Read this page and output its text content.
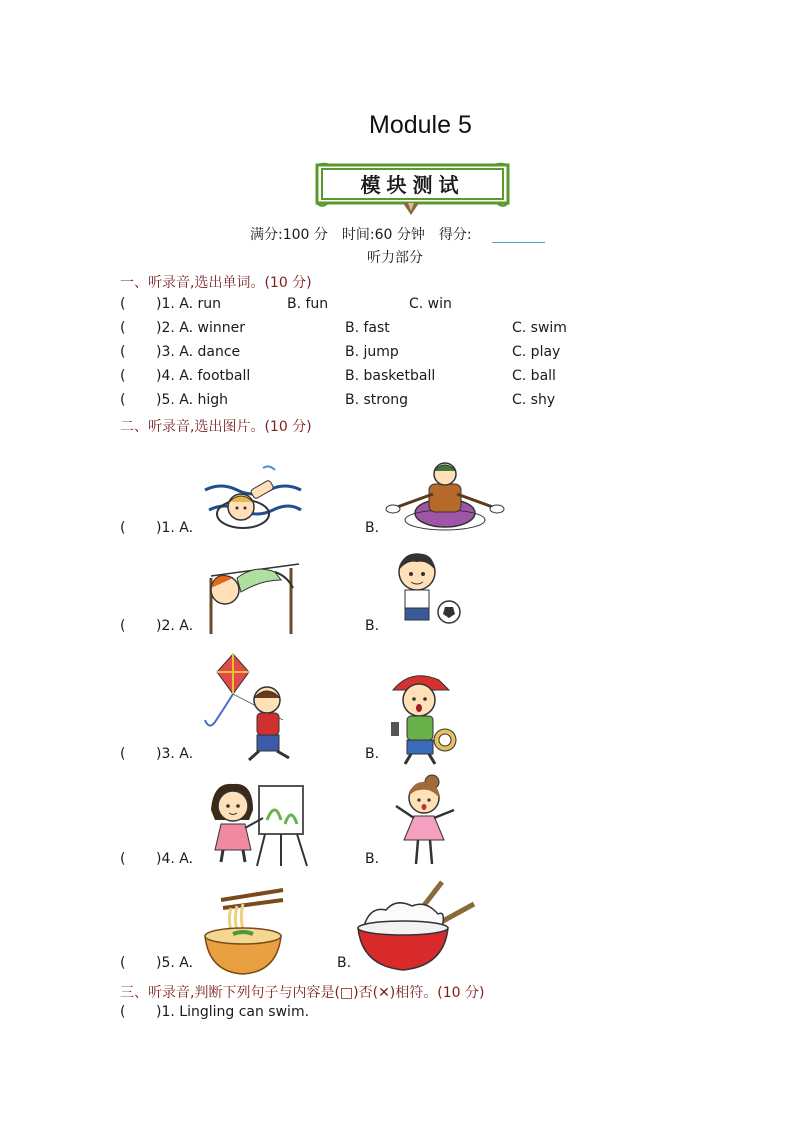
Module 5
模块测试
满分:100 分　时间:60 分钟　得分:
听力部分
一、听录音,选出单词。(10 分)
( )1. A. run	B. fun	C. win
( )2. A. winner	B. fast	C. swim
( )3. A. dance	B. jump	C. play
( )4. A. football	B. basketball	C. ball
( )5. A. high	B. strong	C. shy
二、听录音,选出图片。(10 分)
( )1. A.	B.
( )2. A.	B.
( )3. A.	B.
( )4. A.	B.
( )5. A.	B.
三、听录音,判断下列句子与内容是(□)否(✕)相符。(10 分)
( )1. Lingling can swim.
